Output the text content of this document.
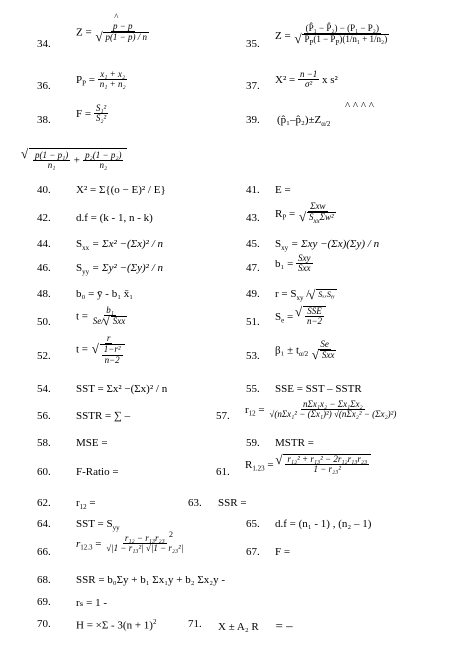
34.
Z = ^ p − p
√ p(1 − p) / n
35.
Z = (P̂₁ − P̂₂) − (P₁ − P₂)
√ $P_P(1 - P_P)(1/n_1 + 1/n_2)$
36.
$P_P = \frac{\text{x₁ + x₂}}{\text{n₁ + n₂}}$	37.
$X^2 = \frac{n -1}{\text{σ²}}$ x s²
38.
$F = \frac{\text{S₁²}}{\text{S₂²}}$	39. $(p̂_1-p̂_2)\pm Z_{\alpha/2}$
^ ^ ^ ^
√ $\frac{\text{p(1 − p₁)}}{\text{n₁}} + \frac{\text{p₂(1 − p₂)}}{\text{n₂}}$
40. X² = Σ{(o − E)² / E}	41. E =
42. d.f = (k - 1, n - k)	43. $R_P = \Sigma xw$
√ $S_{xx}\Sigma w^2$
44. $S_{xx} = \Sigma x^2 -(\Sigma x)^2 / n$	45. $S_{xy} = \Sigma xy -(\Sigma x)(\Sigma y) / n$
46. $S_{yy} = \Sigma y^2 -(\Sigma y)^2 / n$	47. $b_1 = \frac{\text{Sxy}}{\text{Sxx}}$
48. b₀ = ȳ - b₁ x̄₁	49. $r = S_{xy}$ / √ SₓₓSᵧᵧ
50. $t = \frac{\text{b₁}}{\text{Se/ √ Sxx}}$	51. $S_e$ = √ $\frac{\text{SSE}}{n-2}$
52.
t = r
√ $\frac{\text{1−r²}}{n-2}$	53. $\beta_1 \pm t_{\alpha/2}$ Se
√ Sxx
54. SST = Σx² −(Σx)² / n	55. SSE = SST – SSTR
56. SSTR = ∑ –	57.
$r_{12} = \frac{\text{nΣx₁x₂ − Σx₁Σx₂}}{\text{√(nΣx₁² − (Σx₁)²) √(nΣx₂² − (Σx₂)²)}}$
58. MSE =	59. MSTR =
60. F-Ratio =	61.
$R_{1.23}$ = √ $\frac{\text{r₁₂² + r₁₃² − 2r₁₂r₁₃r₂₃}}{\text{1 − r₂₃²}}$
62. $r_{12}$ =	63. SSR =
64. SST = $S_{yy}$	65. d.f = (n₁ - 1) , (n₂ – 1)
66.
$r_{12.3} = \frac{\text{r₁₂ − r₁₃r₂₃}}{\text{√|1 − r₁₃²| √|1 − r₂₃²|}}$
2
67. F =
68. SSR = b₀Σy + b₁ Σx₁y + b₂ Σx₂y -
69. rₛ = 1 -
70. $H = \times\Sigma - 3(n + 1)^2$	71. X ± A₂ R = –
